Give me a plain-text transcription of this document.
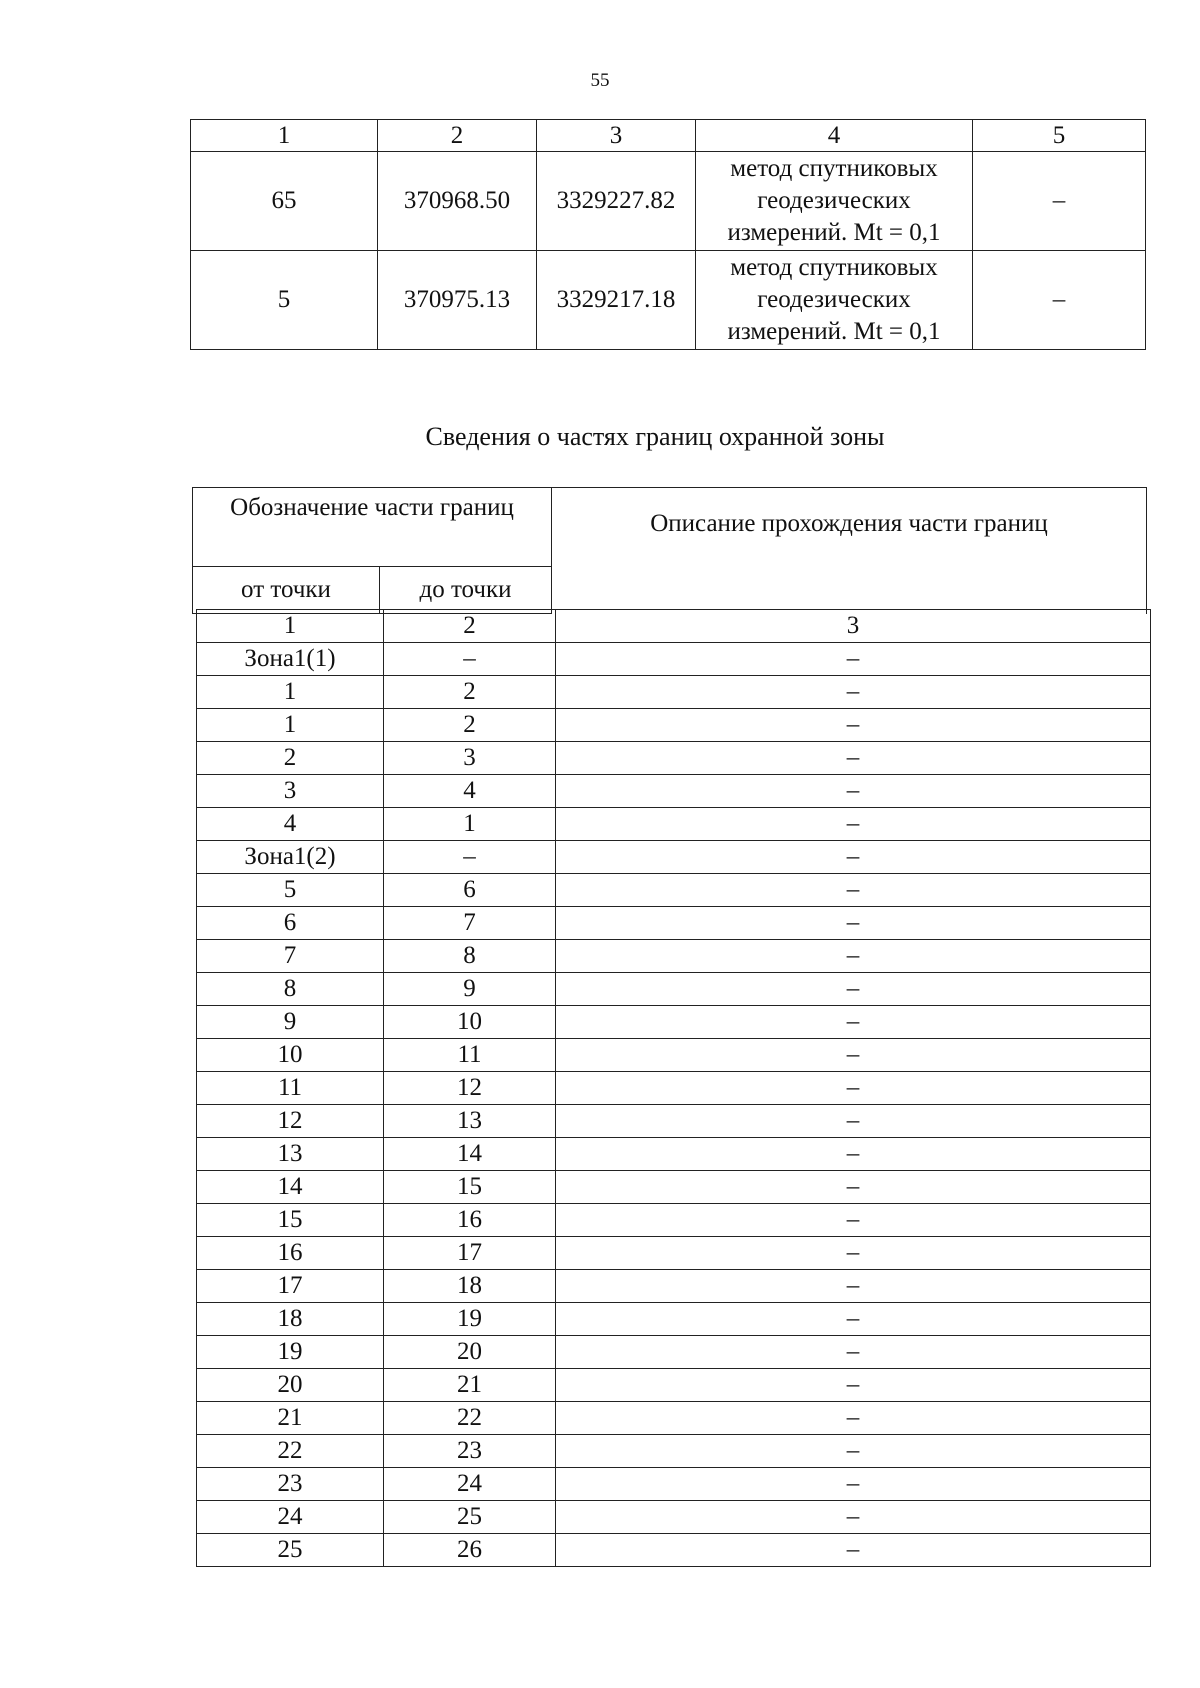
55
1	2	3	4	5
65	370968.50	3329227.82	метод спутниковых геодезических измерений. Mt = 0,1	–
5	370975.13	3329217.18	метод спутниковых геодезических измерений. Mt = 0,1	–
Сведения о частях границ охранной зоны
Обозначение части границ		Описание прохождения части границ
от точки	до точки	
1	2	3
Зона1(1)	–	–
1	2	–
1	2	–
2	3	–
3	4	–
4	1	–
Зона1(2)	–	–
5	6	–
6	7	–
7	8	–
8	9	–
9	10	–
10	11	–
11	12	–
12	13	–
13	14	–
14	15	–
15	16	–
16	17	–
17	18	–
18	19	–
19	20	–
20	21	–
21	22	–
22	23	–
23	24	–
24	25	–
25	26	–
